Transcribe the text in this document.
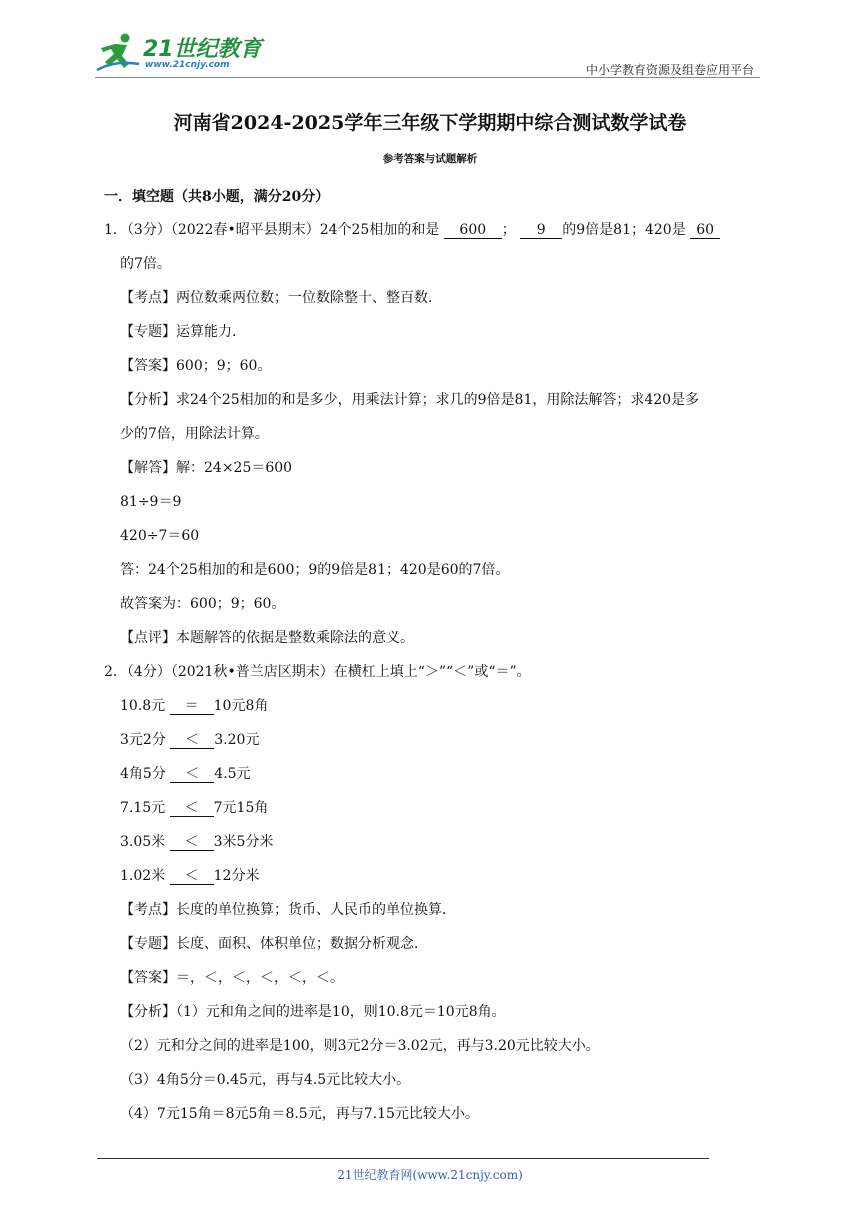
21世纪教育
www.21cnjy.com	中小学教育资源及组卷应用平台
河南省2024-2025学年三年级下学期期中综合测试数学试卷
参考答案与试题解析
一．填空题（共8小题，满分20分）
1．（3分）（2022春•昭平县期末）24个25相加的和是 600 ； 9 的9倍是81；420是 60
的7倍。
【考点】两位数乘两位数；一位数除整十、整百数．
【专题】运算能力．
【答案】600；9；60。
【分析】求24个25相加的和是多少，用乘法计算；求几的9倍是81，用除法解答；求420是多
少的7倍，用除法计算。
【解答】解：24×25＝600
81÷9＝9
420÷7＝60
答：24个25相加的和是600；9的9倍是81；420是60的7倍。
故答案为：600；9；60。
【点评】本题解答的依据是整数乘除法的意义。
2．（4分）（2021秋•普兰店区期末）在横杠上填上“＞”“＜”或“＝”。
10.8元 ＝ 10元8角
3元2分 ＜ 3.20元
4角5分 ＜ 4.5元
7.15元 ＜ 7元15角
3.05米 ＜ 3米5分米
1.02米 ＜ 12分米
【考点】长度的单位换算；货币、人民币的单位换算．
【专题】长度、面积、体积单位；数据分析观念．
【答案】＝，＜，＜，＜，＜，＜。
【分析】（1）元和角之间的进率是10，则10.8元＝10元8角。
（2）元和分之间的进率是100，则3元2分＝3.02元，再与3.20元比较大小。
（3）4角5分＝0.45元，再与4.5元比较大小。
（4）7元15角＝8元5角＝8.5元，再与7.15元比较大小。
21世纪教育网(www.21cnjy.com)
